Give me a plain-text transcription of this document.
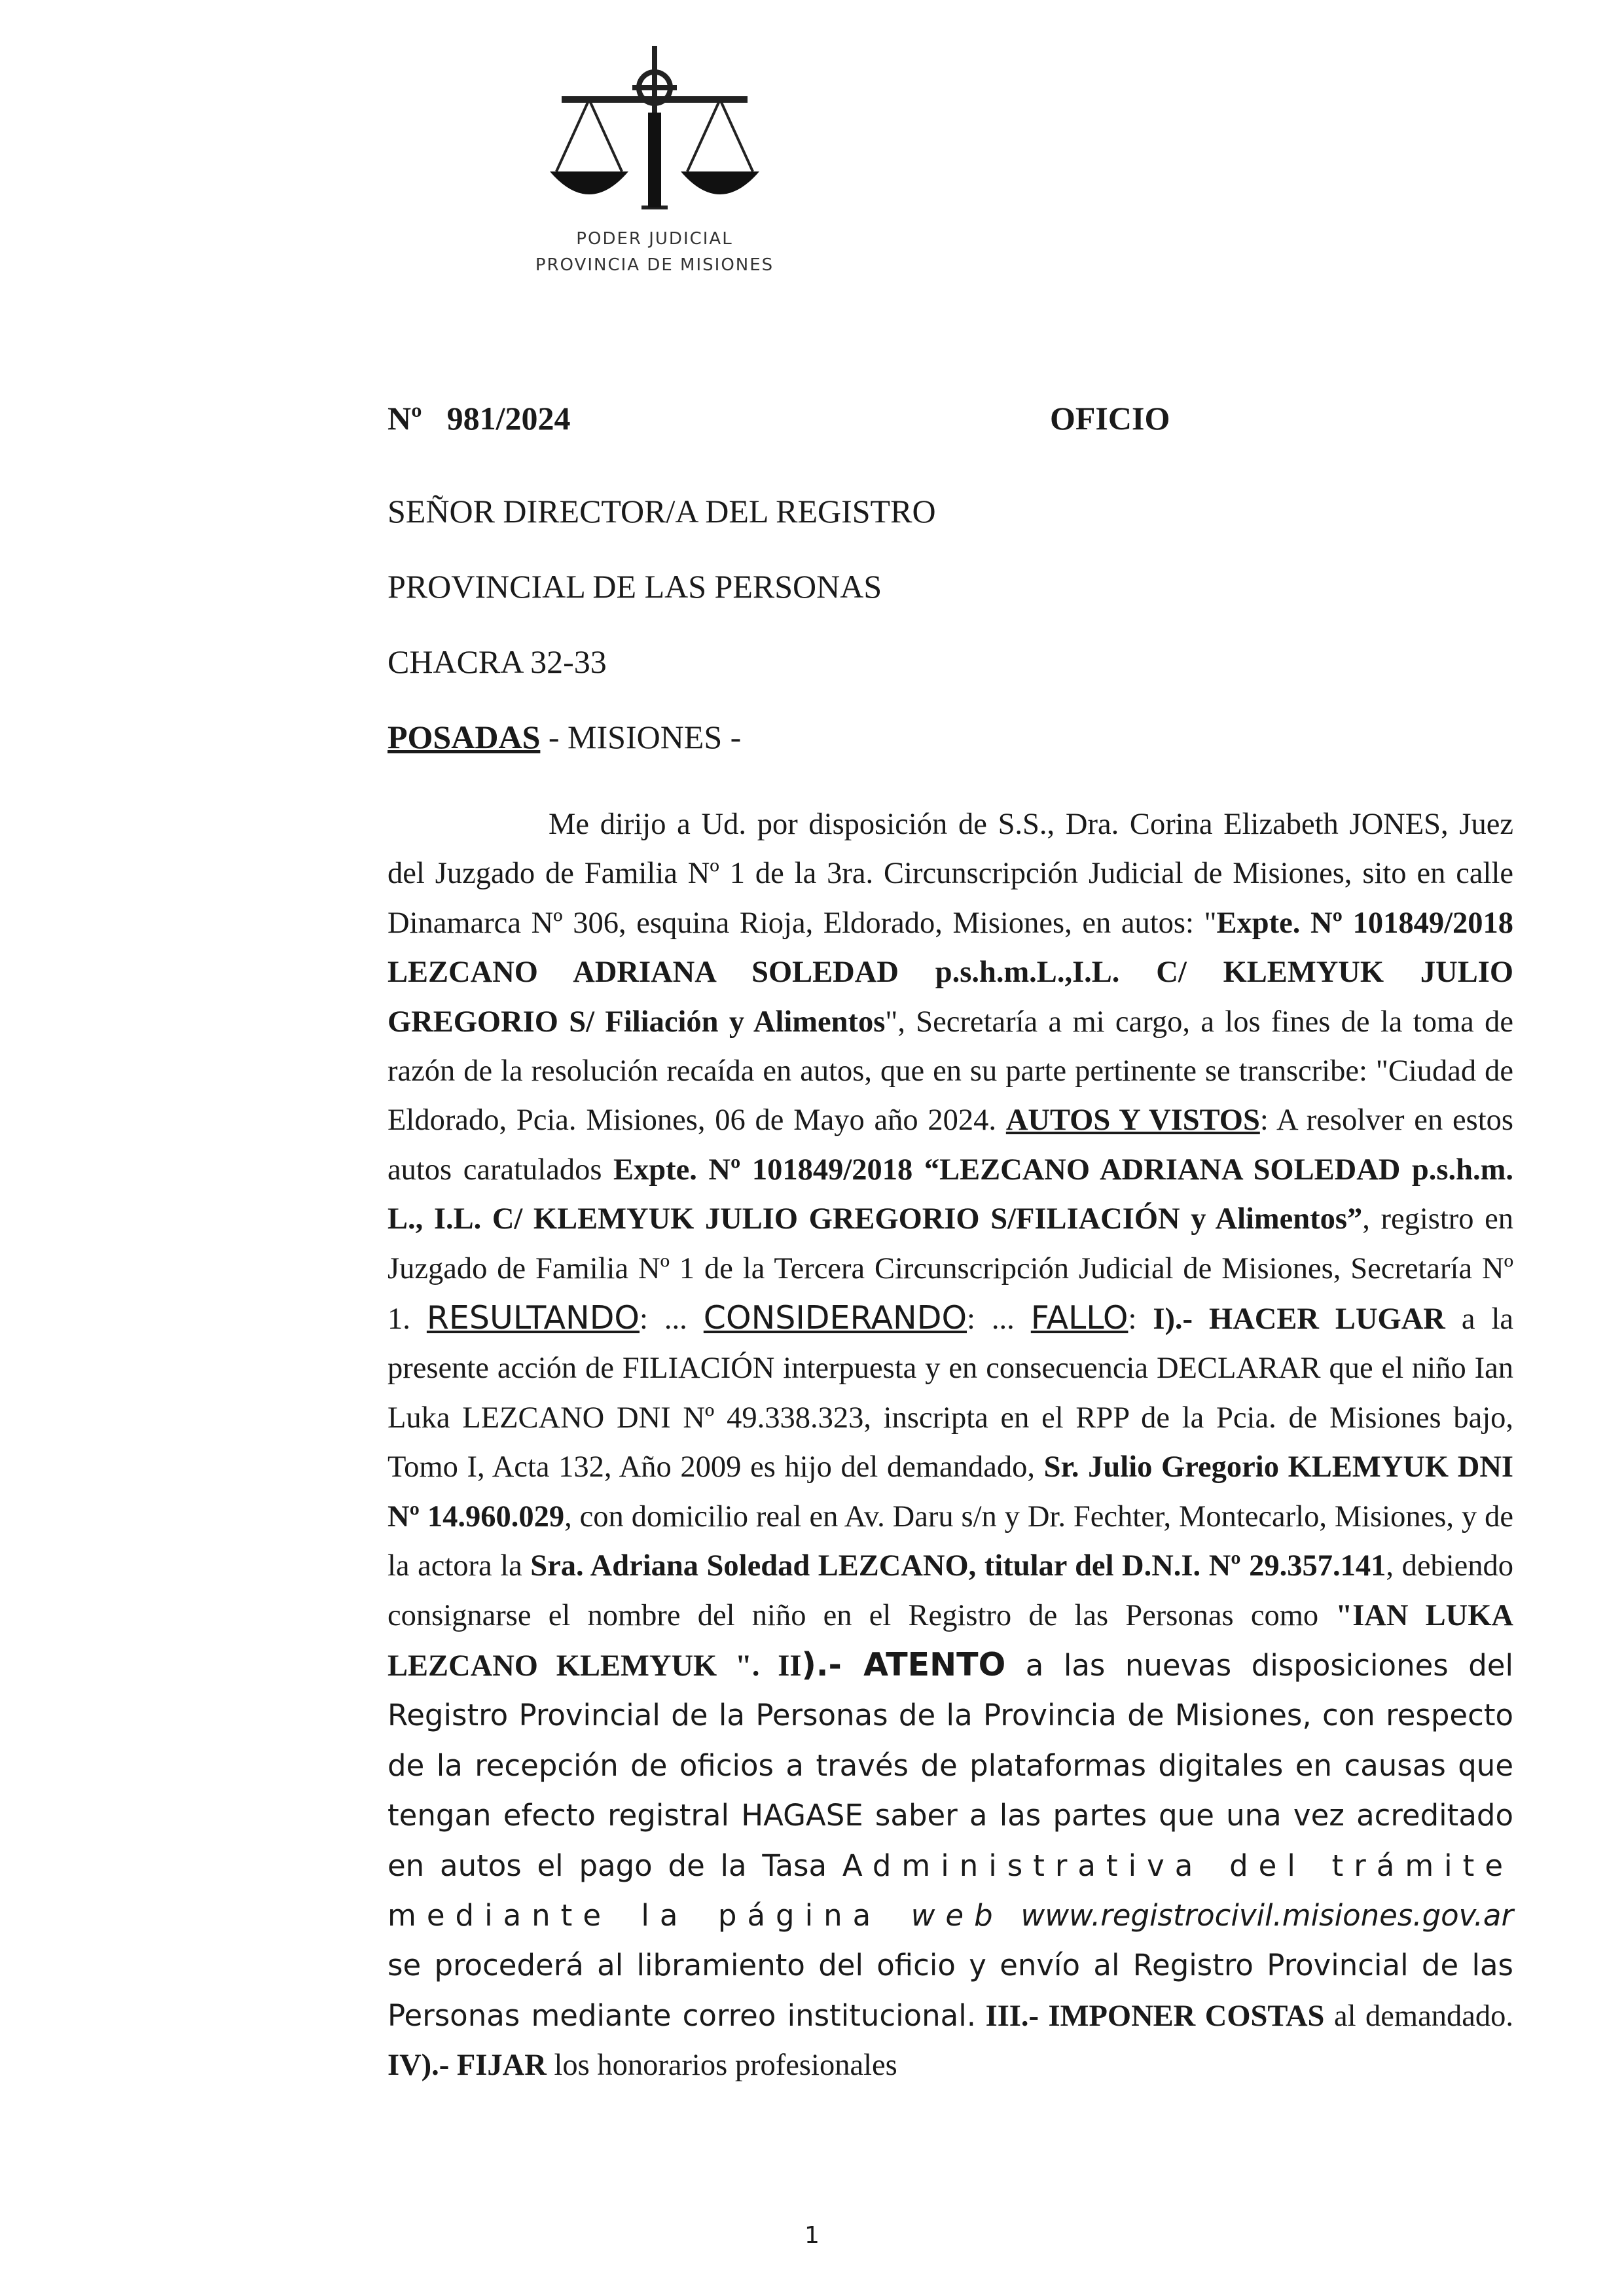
PODER JUDICIAL
PROVINCIA DE MISIONES
Nº 981/2024	OFICIO
SEÑOR DIRECTOR/A DEL REGISTRO
PROVINCIAL DE LAS PERSONAS
CHACRA 32-33
POSADAS - MISIONES -
Me dirijo a Ud. por disposición de S.S., Dra. Corina Elizabeth JONES, Juez del Juzgado de Familia Nº 1 de la 3ra. Circunscripción Judicial de Misiones, sito en calle Dinamarca Nº 306, esquina Rioja, Eldorado, Misiones, en autos: "Expte. Nº 101849/2018 LEZCANO ADRIANA SOLEDAD p.s.h.m.L.,I.L. C/ KLEMYUK JULIO GREGORIO S/ Filiación y Alimentos", Secretaría a mi cargo, a los fines de la toma de razón de la resolución recaída en autos, que en su parte pertinente se transcribe: "Ciudad de Eldorado, Pcia. Misiones, 06 de Mayo año 2024. AUTOS Y VISTOS: A resolver en estos autos caratulados Expte. Nº 101849/2018 “LEZCANO ADRIANA SOLEDAD p.s.h.m. L., I.L. C/ KLEMYUK JULIO GREGORIO S/FILIACIÓN y Alimentos”, registro en Juzgado de Familia Nº 1 de la Tercera Circunscripción Judicial de Misiones, Secretaría Nº 1. RESULTANDO: ... CONSIDERANDO: ... FALLO: I).- HACER LUGAR a la presente acción de FILIACIÓN interpuesta y en consecuencia DECLARAR que el niño Ian Luka LEZCANO DNI Nº 49.338.323, inscripta en el RPP de la Pcia. de Misiones bajo, Tomo I, Acta 132, Año 2009 es hijo del demandado, Sr. Julio Gregorio KLEMYUK DNI Nº 14.960.029, con domicilio real en Av. Daru s/n y Dr. Fechter, Montecarlo, Misiones, y de la actora la Sra. Adriana Soledad LEZCANO, titular del D.N.I. Nº 29.357.141, debiendo consignarse el nombre del niño en el Registro de las Personas como "IAN LUKA LEZCANO KLEMYUK ". II).- ATENTO a las nuevas disposiciones del Registro Provincial de la Personas de la Provincia de Misiones, con respecto de la recepción de oficios a través de plataformas digitales en causas que tengan efecto registral HAGASE saber a las partes que una vez acreditado en autos el pago de la Tasa Administrativa del trámite mediante la página web www.registrocivil.misiones.gov.ar se procederá al libramiento del oficio y envío al Registro Provincial de las Personas mediante correo institucional. III.- IMPONER COSTAS al demandado. IV).- FIJAR los honorarios profesionales
1
